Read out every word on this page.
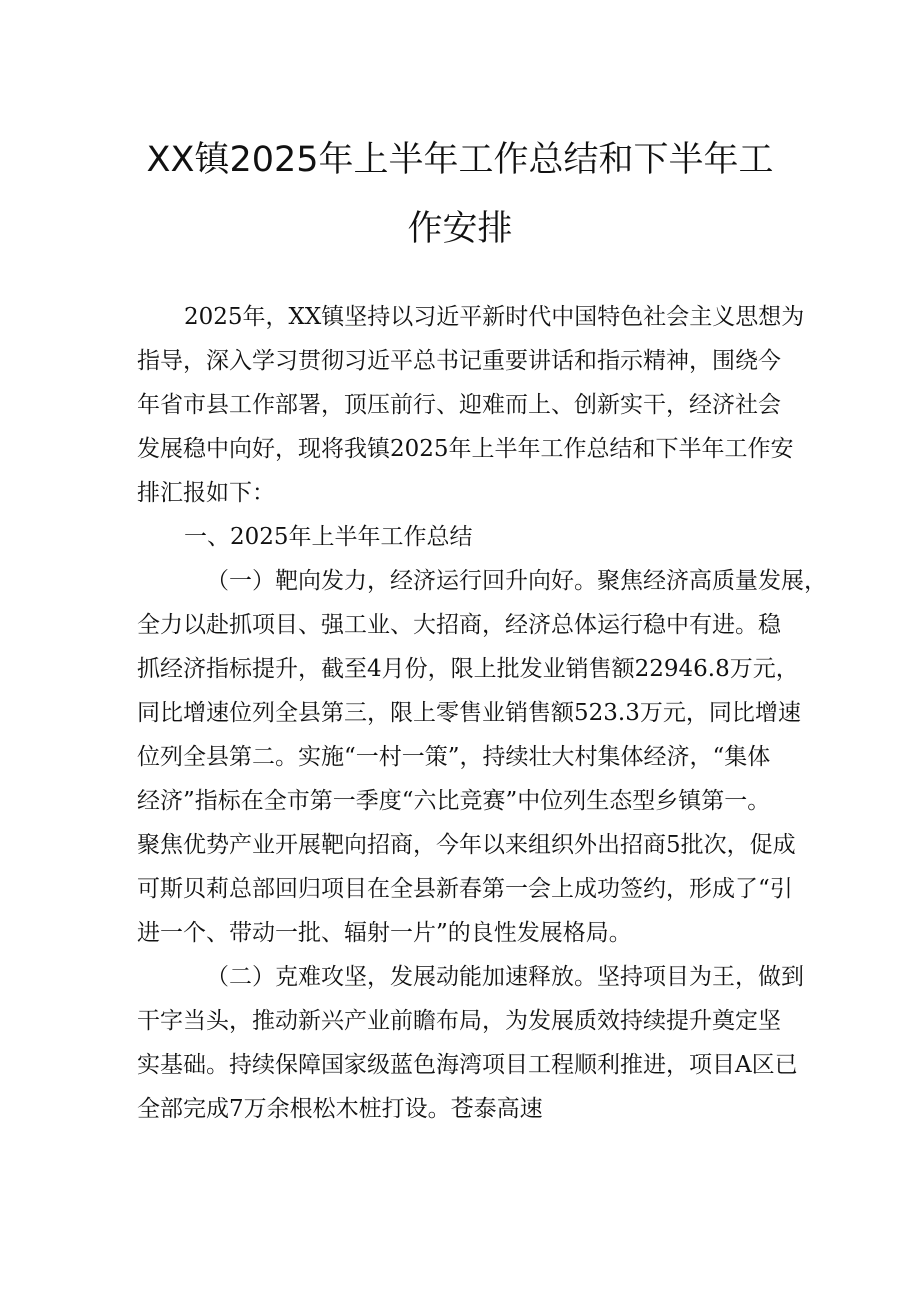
XX镇2025年上半年工作总结和下半年工
作安排
2025年，XX镇坚持以习近平新时代中国特色社会主义思想为
指导，深入学习贯彻习近平总书记重要讲话和指示精神，围绕今
年省市县工作部署，顶压前行、迎难而上、创新实干，经济社会
发展稳中向好，现将我镇2025年上半年工作总结和下半年工作安
排汇报如下：
一、2025年上半年工作总结
（一）靶向发力，经济运行回升向好。聚焦经济高质量发展，
全力以赴抓项目、强工业、大招商，经济总体运行稳中有进。稳
抓经济指标提升，截至4月份，限上批发业销售额22946.8万元，
同比增速位列全县第三，限上零售业销售额523.3万元，同比增速
位列全县第二。实施“一村一策”，持续壮大村集体经济，“集体
经济”指标在全市第一季度“六比竞赛”中位列生态型乡镇第一。
聚焦优势产业开展靶向招商，今年以来组织外出招商5批次，促成
可斯贝莉总部回归项目在全县新春第一会上成功签约，形成了“引
进一个、带动一批、辐射一片”的良性发展格局。
（二）克难攻坚，发展动能加速释放。坚持项目为王，做到
干字当头，推动新兴产业前瞻布局，为发展质效持续提升奠定坚
实基础。持续保障国家级蓝色海湾项目工程顺利推进，项目A区已
全部完成7万余根松木桩打设。苍泰高速
